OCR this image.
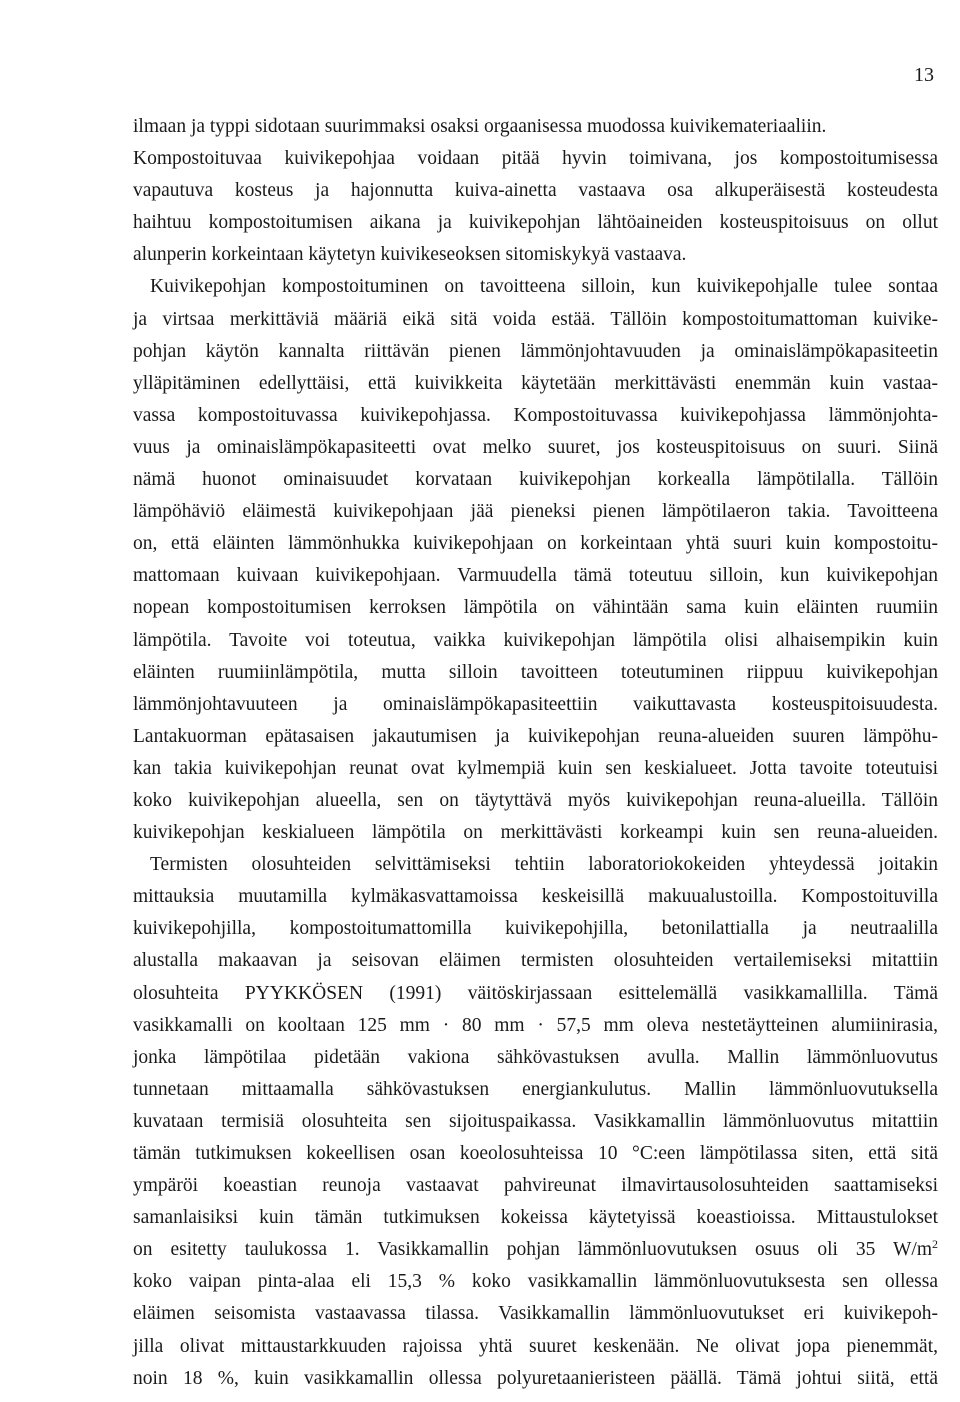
13
ilmaan ja typpi sidotaan suurimmaksi osaksi orgaanisessa muodossa kuivikemateriaaliin.
Kompostoituvaa kuivikepohjaa voidaan pitää hyvin toimivana, jos kompostoitumisessa
vapautuva kosteus ja hajonnutta kuiva-ainetta vastaava osa alkuperäisestä kosteudesta
haihtuu kompostoitumisen aikana ja kuivikepohjan lähtöaineiden kosteuspitoisuus on ollut
alunperin korkeintaan käytetyn kuivikeseoksen sitomiskykyä vastaava.
Kuivikepohjan kompostoituminen on tavoitteena silloin, kun kuivikepohjalle tulee sontaa
ja virtsaa merkittäviä määriä eikä sitä voida estää. Tällöin kompostoitumattoman kuivike-
pohjan käytön kannalta riittävän pienen lämmönjohtavuuden ja ominaislämpökapasiteetin
ylläpitäminen edellyttäisi, että kuivikkeita käytetään merkittävästi enemmän kuin vastaa-
vassa kompostoituvassa kuivikepohjassa. Kompostoituvassa kuivikepohjassa lämmönjohta-
vuus ja ominaislämpökapasiteetti ovat melko suuret, jos kosteuspitoisuus on suuri. Siinä
nämä huonot ominaisuudet korvataan kuivikepohjan korkealla lämpötilalla. Tällöin
lämpöhäviö eläimestä kuivikepohjaan jää pieneksi pienen lämpötilaeron takia. Tavoitteena
on, että eläinten lämmönhukka kuivikepohjaan on korkeintaan yhtä suuri kuin kompostoitu-
mattomaan kuivaan kuivikepohjaan. Varmuudella tämä toteutuu silloin, kun kuivikepohjan
nopean kompostoitumisen kerroksen lämpötila on vähintään sama kuin eläinten ruumiin
lämpötila. Tavoite voi toteutua, vaikka kuivikepohjan lämpötila olisi alhaisempikin kuin
eläinten ruumiinlämpötila, mutta silloin tavoitteen toteutuminen riippuu kuivikepohjan
lämmönjohtavuuteen ja ominaislämpökapasiteettiin vaikuttavasta kosteuspitoisuudesta.
Lantakuorman epätasaisen jakautumisen ja kuivikepohjan reuna-alueiden suuren lämpöhu-
kan takia kuivikepohjan reunat ovat kylmempiä kuin sen keskialueet. Jotta tavoite toteutuisi
koko kuivikepohjan alueella, sen on täytyttävä myös kuivikepohjan reuna-alueilla. Tällöin
kuivikepohjan keskialueen lämpötila on merkittävästi korkeampi kuin sen reuna-alueiden.
Termisten olosuhteiden selvittämiseksi tehtiin laboratoriokokeiden yhteydessä joitakin
mittauksia muutamilla kylmäkasvattamoissa keskeisillä makuualustoilla. Kompostoituvilla
kuivikepohjilla, kompostoitumattomilla kuivikepohjilla, betonilattialla ja neutraalilla
alustalla makaavan ja seisovan eläimen termisten olosuhteiden vertailemiseksi mitattiin
olosuhteita PYYKKÖSEN (1991) väitöskirjassaan esittelemällä vasikkamallilla. Tämä
vasikkamalli on kooltaan 125 mm · 80 mm · 57,5 mm oleva nestetäytteinen alumiinirasia,
jonka lämpötilaa pidetään vakiona sähkövastuksen avulla. Mallin lämmönluovutus
tunnetaan mittaamalla sähkövastuksen energiankulutus. Mallin lämmönluovutuksella
kuvataan termisiä olosuhteita sen sijoituspaikassa. Vasikkamallin lämmönluovutus mitattiin
tämän tutkimuksen kokeellisen osan koeolosuhteissa 10 °C:een lämpötilassa siten, että sitä
ympäröi koeastian reunoja vastaavat pahvireunat ilmavirtausolosuhteiden saattamiseksi
samanlaisiksi kuin tämän tutkimuksen kokeissa käytetyissä koeastioissa. Mittaustulokset
on esitetty taulukossa 1. Vasikkamallin pohjan lämmönluovutuksen osuus oli 35 $W/m^2$
koko vaipan pinta-alaa eli 15,3 % koko vasikkamallin lämmönluovutuksesta sen ollessa
eläimen seisomista vastaavassa tilassa. Vasikkamallin lämmönluovutukset eri kuivikepoh-
jilla olivat mittaustarkkuuden rajoissa yhtä suuret keskenään. Ne olivat jopa pienemmät,
noin 18 %, kuin vasikkamallin ollessa polyuretaanieristeen päällä. Tämä johtui siitä, että
